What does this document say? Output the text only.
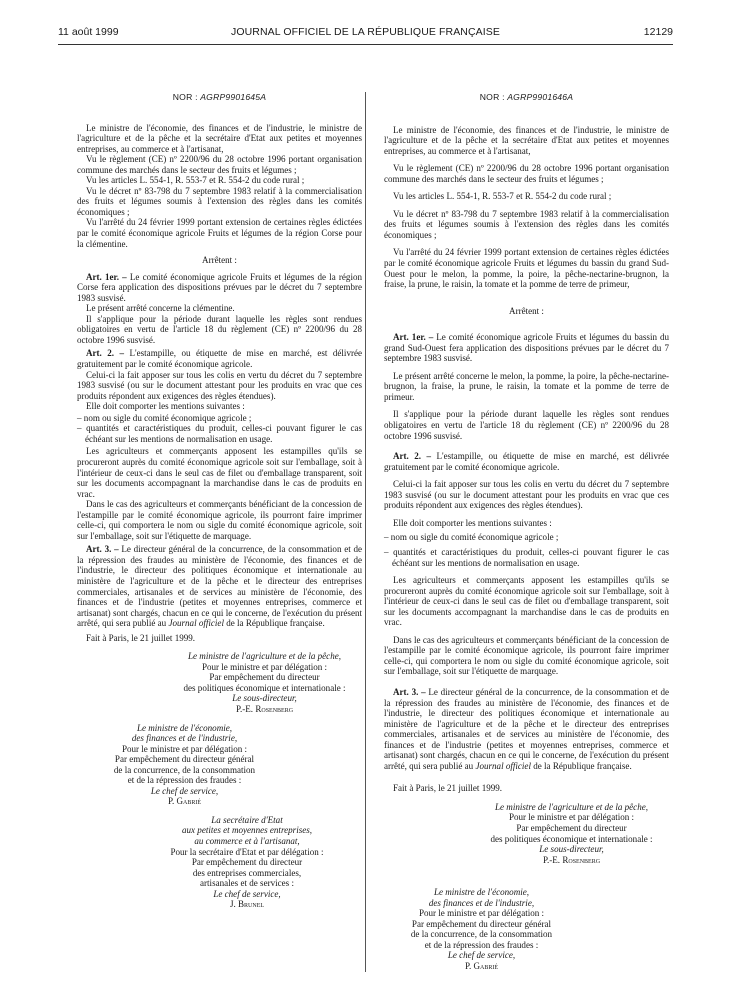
11 août 1999	JOURNAL OFFICIEL DE LA RÉPUBLIQUE FRANÇAISE	12129
NOR : AGRP9901645A

Le ministre de l'économie, des finances et de l'industrie, le ministre de l'agriculture et de la pêche et la secrétaire d'Etat aux petites et moyennes entreprises, au commerce et à l'artisanat,

Vu le règlement (CE) nº 2200/96 du 28 octobre 1996 portant organisation commune des marchés dans le secteur des fruits et légumes ;

Vu les articles L. 554-1, R. 553-7 et R. 554-2 du code rural ;

Vu le décret nº 83-798 du 7 septembre 1983 relatif à la commercialisation des fruits et légumes soumis à l'extension des règles dans les comités économiques ;

Vu l'arrêté du 24 février 1999 portant extension de certaines règles édictées par le comité économique agricole Fruits et légumes de la région Corse pour la clémentine.

Arrêtent :

Art. 1er. – Le comité économique agricole Fruits et légumes de la région Corse fera application des dispositions prévues par le décret du 7 septembre 1983 susvisé.

Le présent arrêté concerne la clémentine.

Il s'applique pour la période durant laquelle les règles sont rendues obligatoires en vertu de l'article 18 du règlement (CE) nº 2200/96 du 28 octobre 1996 susvisé.

Art. 2. – L'estampille, ou étiquette de mise en marché, est délivrée gratuitement par le comité économique agricole.

Celui-ci la fait apposer sur tous les colis en vertu du décret du 7 septembre 1983 susvisé (ou sur le document attestant pour les produits en vrac que ces produits répondent aux exigences des règles étendues).

Elle doit comporter les mentions suivantes :

– nom ou sigle du comité économique agricole ;
– quantités et caractéristiques du produit, celles-ci pouvant figurer le cas échéant sur les mentions de normalisation en usage.

Les agriculteurs et commerçants apposent les estampilles qu'ils se procureront auprès du comité économique agricole soit sur l'emballage, soit à l'intérieur de ceux-ci dans le seul cas de filet ou d'emballage transparent, soit sur les documents accompagnant la marchandise dans le cas de produits en vrac.

Dans le cas des agriculteurs et commerçants bénéficiant de la concession de l'estampille par le comité économique agricole, ils pourront faire imprimer celle-ci, qui comportera le nom ou sigle du comité économique agricole, soit sur l'emballage, soit sur l'étiquette de marquage.

Art. 3. – Le directeur général de la concurrence, de la consommation et de la répression des fraudes au ministère de l'économie, des finances et de l'industrie, le directeur des politiques économique et internationale au ministère de l'agriculture et de la pêche et le directeur des entreprises commerciales, artisanales et de services au ministère de l'économie, des finances et de l'industrie (petites et moyennes entreprises, commerce et artisanat) sont chargés, chacun en ce qui le concerne, de l'exécution du présent arrêté, qui sera publié au Journal officiel de la République française.

Fait à Paris, le 21 juillet 1999.

Le ministre de l'agriculture et de la pêche,
Pour le ministre et par délégation :
Par empêchement du directeur
des politiques économique et internationale :
Le sous-directeur,
P.-E. Rosenberg
Le ministre de l'économie,
des finances et de l'industrie,
Pour le ministre et par délégation :
Par empêchement du directeur général
de la concurrence, de la consommation
et de la répression des fraudes :
Le chef de service,
P. Gabrié
La secrétaire d'Etat
aux petites et moyennes entreprises,
au commerce et à l'artisanat,
Pour la secrétaire d'Etat et par délégation :
Par empêchement du directeur
des entreprises commerciales,
artisanales et de services :
Le chef de service,
J. Brunel
NOR : AGRP9901646A

Le ministre de l'économie, des finances et de l'industrie, le ministre de l'agriculture et de la pêche et la secrétaire d'Etat aux petites et moyennes entreprises, au commerce et à l'artisanat,

Vu le règlement (CE) nº 2200/96 du 28 octobre 1996 portant organisation commune des marchés dans le secteur des fruits et légumes ;

Vu les articles L. 554-1, R. 553-7 et R. 554-2 du code rural ;

Vu le décret nº 83-798 du 7 septembre 1983 relatif à la commercialisation des fruits et légumes soumis à l'extension des règles dans les comités économiques ;

Vu l'arrêté du 24 février 1999 portant extension de certaines règles édictées par le comité économique agricole Fruits et légumes du bassin du grand Sud-Ouest pour le melon, la pomme, la poire, la pêche-nectarine-brugnon, la fraise, la prune, le raisin, la tomate et la pomme de terre de primeur,

Arrêtent :

Art. 1er. – Le comité économique agricole Fruits et légumes du bassin du grand Sud-Ouest fera application des dispositions prévues par le décret du 7 septembre 1983 susvisé.

Le présent arrêté concerne le melon, la pomme, la poire, la pêche-nectarine-brugnon, la fraise, la prune, le raisin, la tomate et la pomme de terre de primeur.

Il s'applique pour la période durant laquelle les règles sont rendues obligatoires en vertu de l'article 18 du règlement (CE) nº 2200/96 du 28 octobre 1996 susvisé.

Art. 2. – L'estampille, ou étiquette de mise en marché, est délivrée gratuitement par le comité économique agricole.

Celui-ci la fait apposer sur tous les colis en vertu du décret du 7 septembre 1983 susvisé (ou sur le document attestant pour les produits en vrac que ces produits répondent aux exigences des règles étendues).

Elle doit comporter les mentions suivantes :

– nom ou sigle du comité économique agricole ;
– quantités et caractéristiques du produit, celles-ci pouvant figurer le cas échéant sur les mentions de normalisation en usage.

Les agriculteurs et commerçants apposent les estampilles qu'ils se procureront auprès du comité économique agricole soit sur l'emballage, soit à l'intérieur de ceux-ci dans le seul cas de filet ou d'emballage transparent, soit sur les documents accompagnant la marchandise dans le cas de produits en vrac.

Dans le cas des agriculteurs et commerçants bénéficiant de la concession de l'estampille par le comité économique agricole, ils pourront faire imprimer celle-ci, qui comportera le nom ou sigle du comité économique agricole, soit sur l'emballage, soit sur l'étiquette de marquage.

Art. 3. – Le directeur général de la concurrence, de la consommation et de la répression des fraudes au ministère de l'économie, des finances et de l'industrie, le directeur des politiques économique et internationale au ministère de l'agriculture et de la pêche et le directeur des entreprises commerciales, artisanales et de services au ministère de l'économie, des finances et de l'industrie (petites et moyennes entreprises, commerce et artisanat) sont chargés, chacun en ce qui le concerne, de l'exécution du présent arrêté, qui sera publié au Journal officiel de la République française.

Fait à Paris, le 21 juillet 1999.

Le ministre de l'agriculture et de la pêche,
Pour le ministre et par délégation :
Par empêchement du directeur
des politiques économique et internationale :
Le sous-directeur,
P.-E. Rosenberg
Le ministre de l'économie,
des finances et de l'industrie,
Pour le ministre et par délégation :
Par empêchement du directeur général
de la concurrence, de la consommation
et de la répression des fraudes :
Le chef de service,
P. Gabrié
